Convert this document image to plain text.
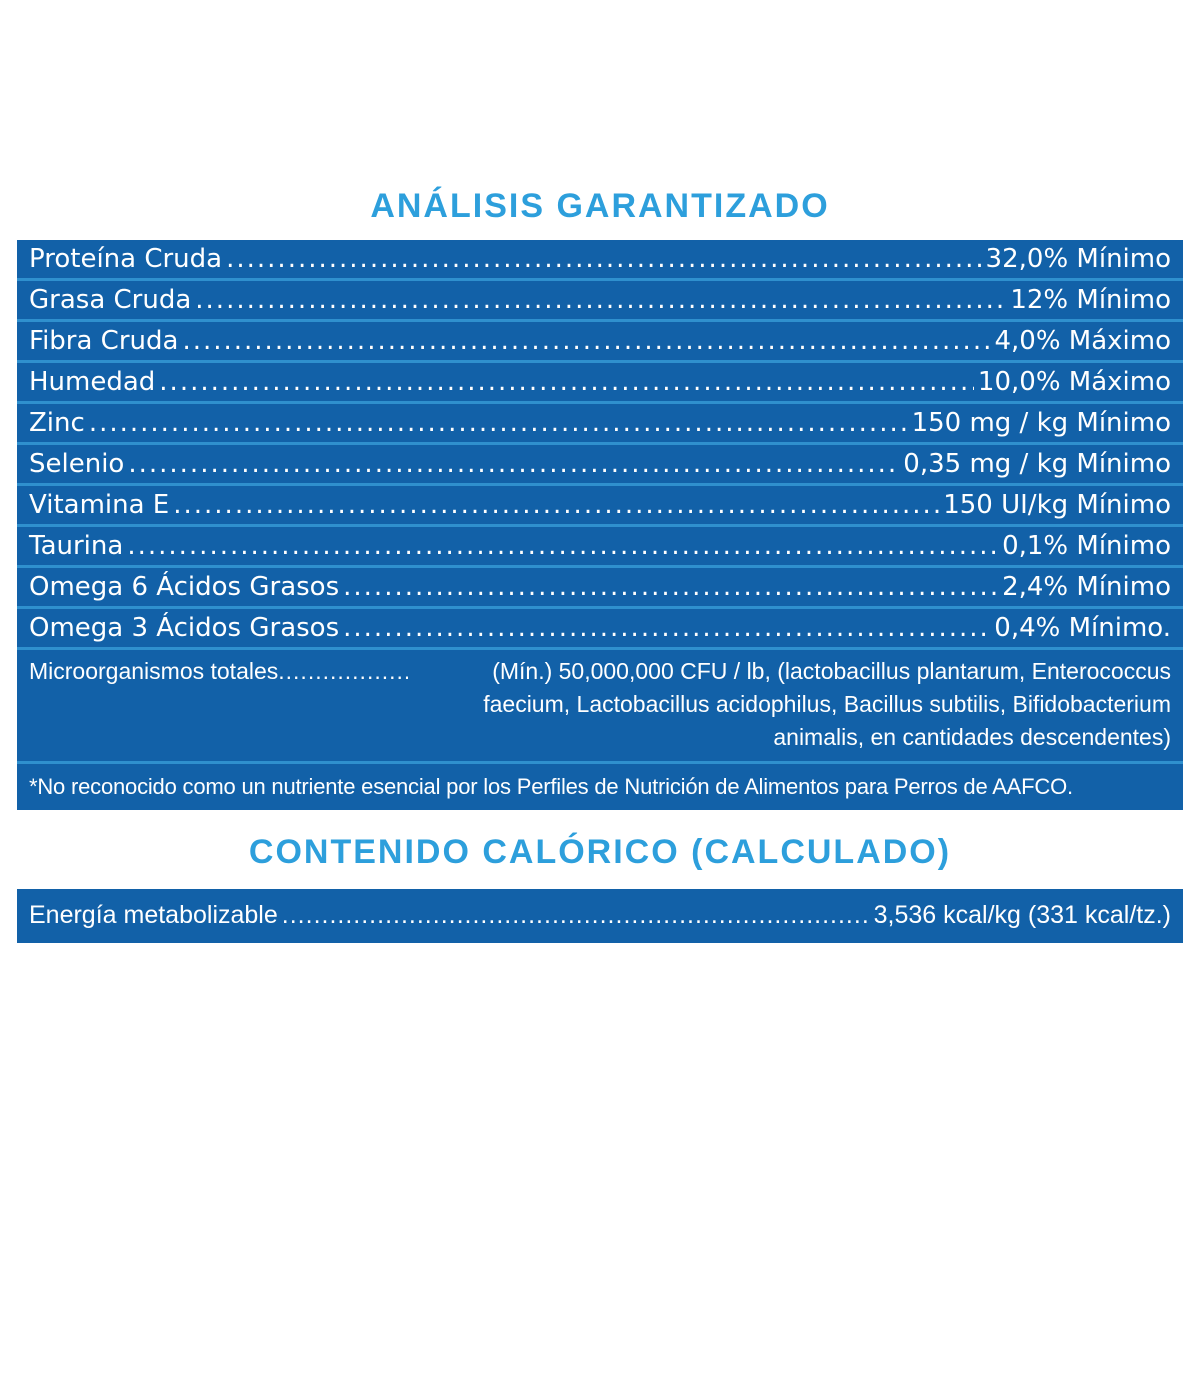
ANÁLISIS GARANTIZADO
Proteína Cruda .....	32,0% Mínimo
Grasa Cruda .....	12% Mínimo
Fibra Cruda .....	4,0% Máximo
Humedad .....	10,0% Máximo
Zinc .....	150 mg / kg Mínimo
Selenio .....	0,35 mg / kg Mínimo
Vitamina E .....	150 UI/kg Mínimo
Taurina .....	0,1% Mínimo
Omega 6 Ácidos Grasos .....	2,4% Mínimo
Omega 3 Ácidos Grasos .....	0,4% Mínimo.
Microorganismos totales .....	(Mín.) 50,000,000 CFU / lb, (lactobacillus plantarum, Enterococcus faecium, Lactobacillus acidophilus, Bacillus subtilis, Bifidobacterium animalis, en cantidades descendentes)
*No reconocido como un nutriente esencial por los Perfiles de Nutrición de Alimentos para Perros de AAFCO.
CONTENIDO CALÓRICO (CALCULADO)
Energía metabolizable .....	3,536 kcal/kg (331 kcal/tz.)
